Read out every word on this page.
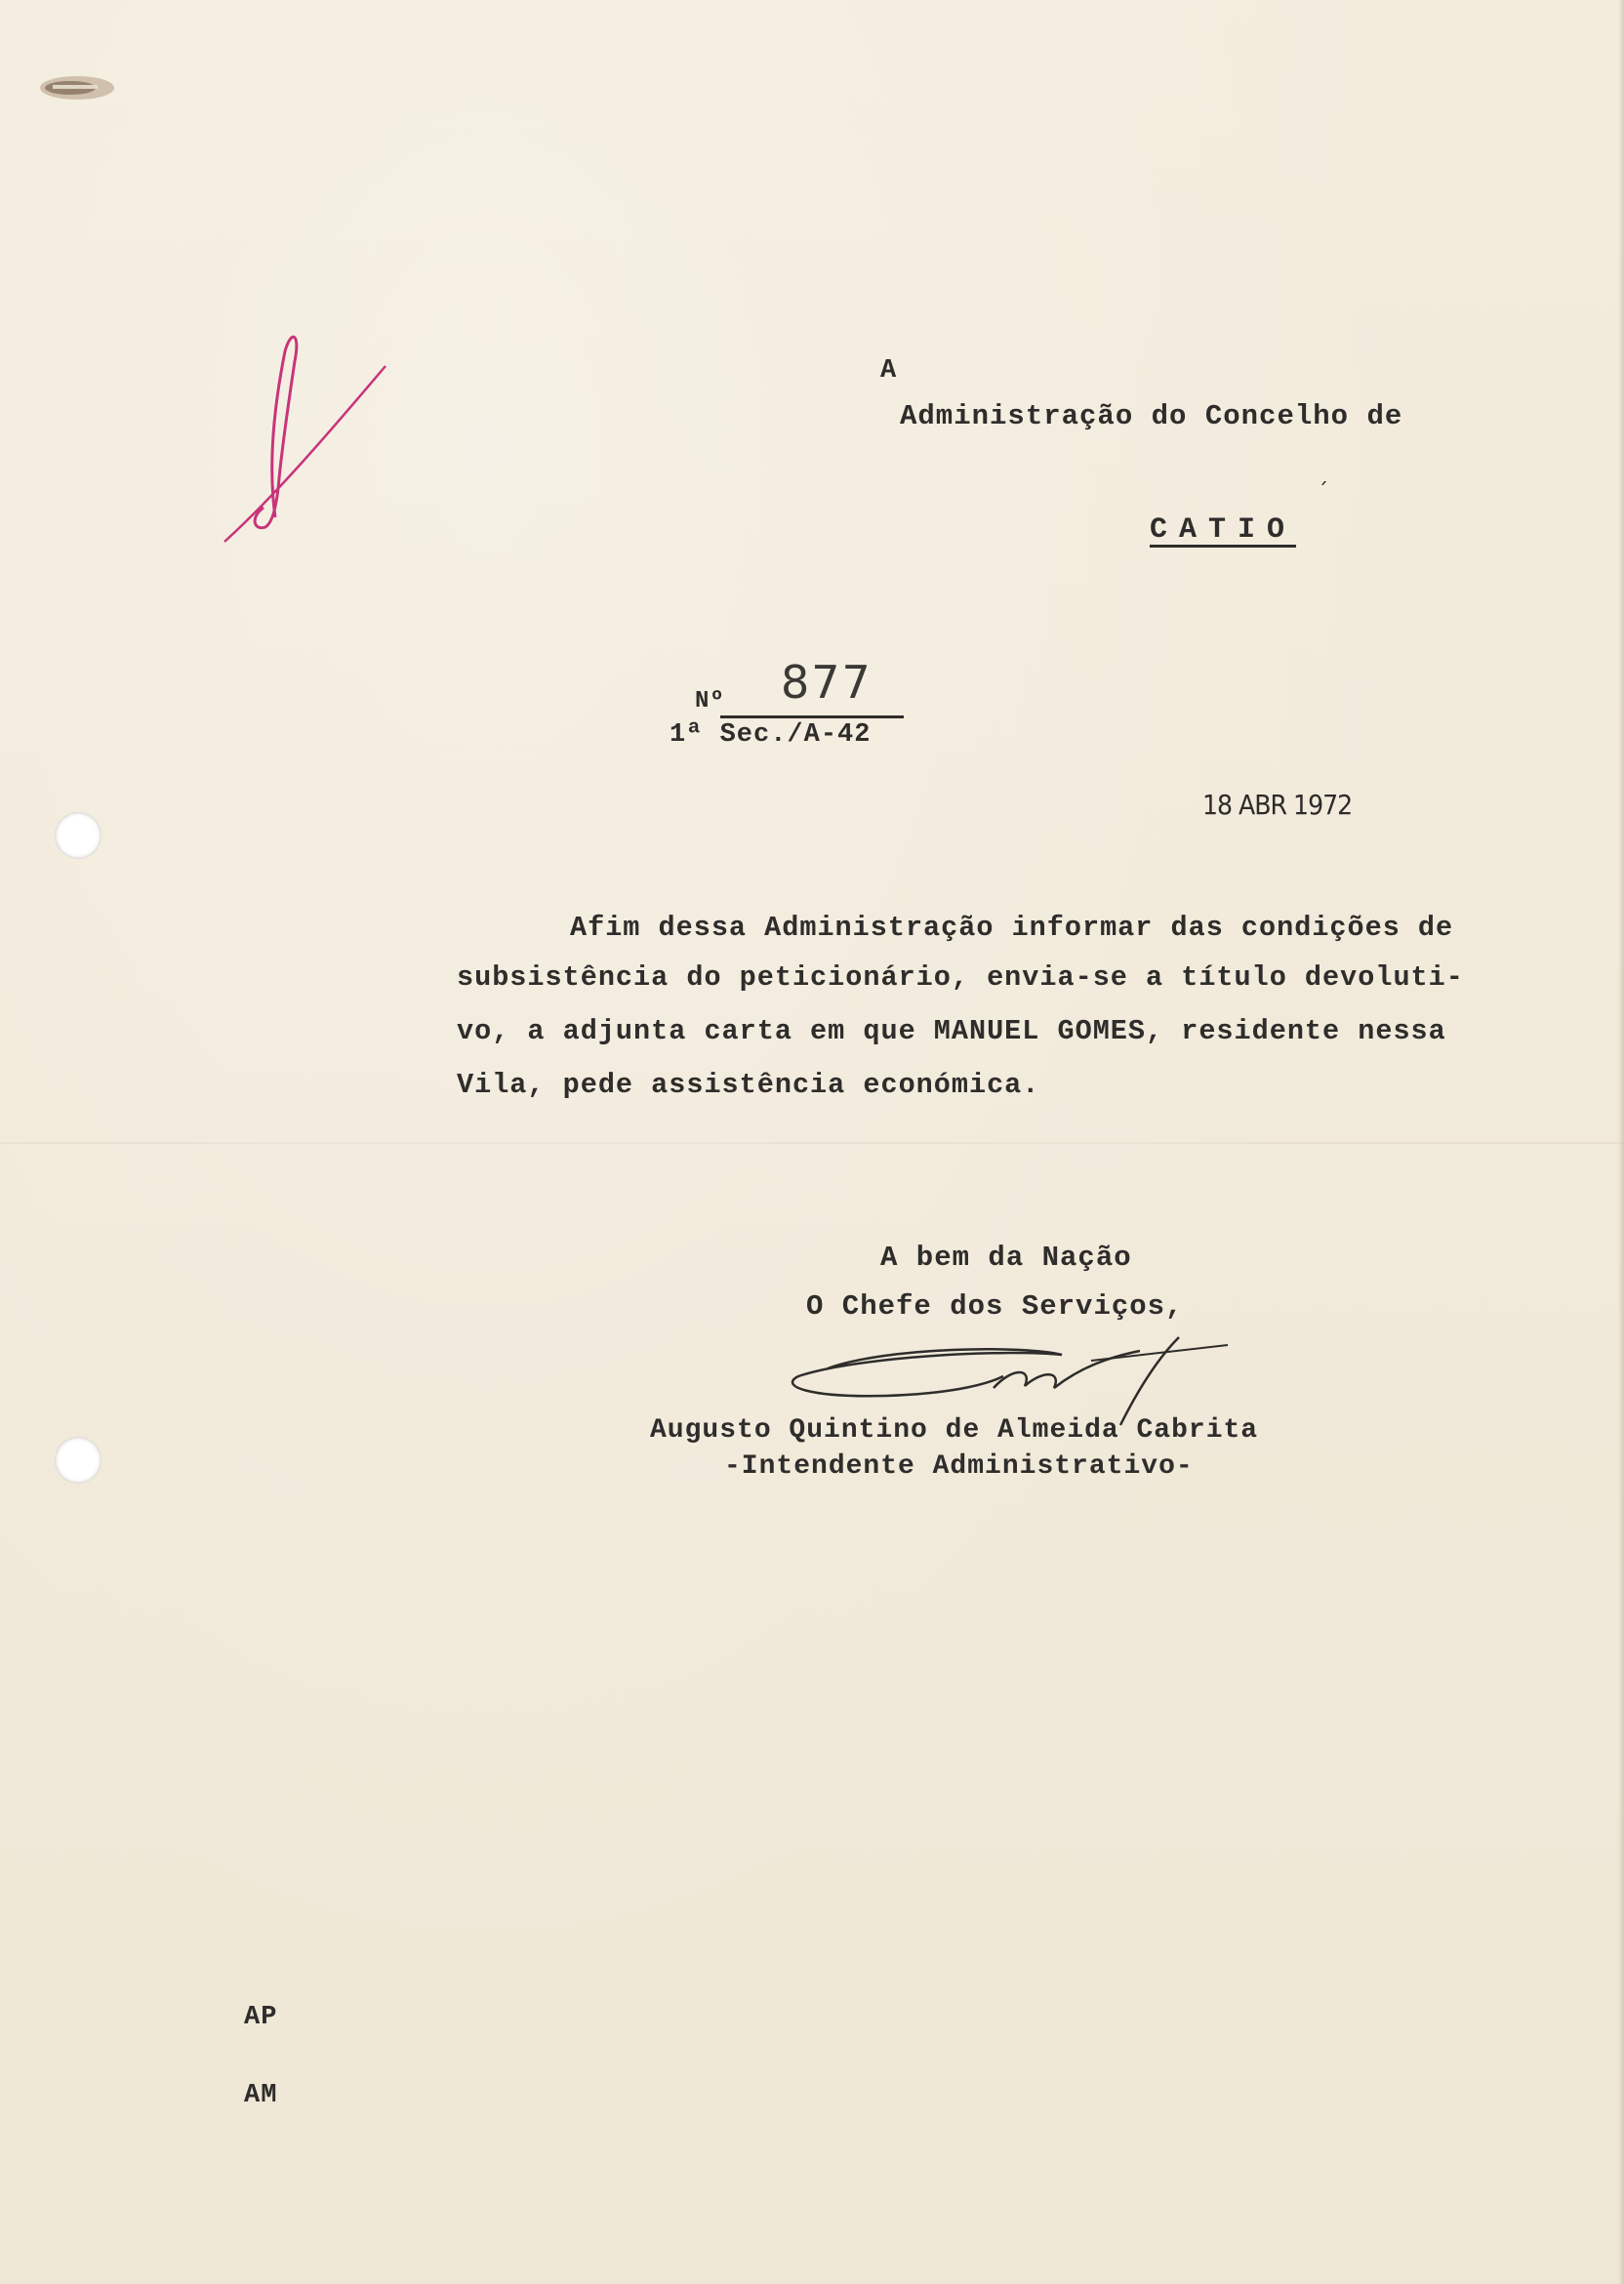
A
Administração do Concelho de
´
CATIO
Nº 877
1ª Sec./A-42
18 ABR 1972
Afim dessa Administração informar das condições de
subsistência do peticionário, envia-se a título devoluti-
vo, a adjunta carta em que MANUEL GOMES, residente nessa
Vila, pede assistência económica.
A bem da Nação
O Chefe dos Serviços,
Augusto Quintino de Almeida Cabrita
-Intendente Administrativo-
AP
AM
